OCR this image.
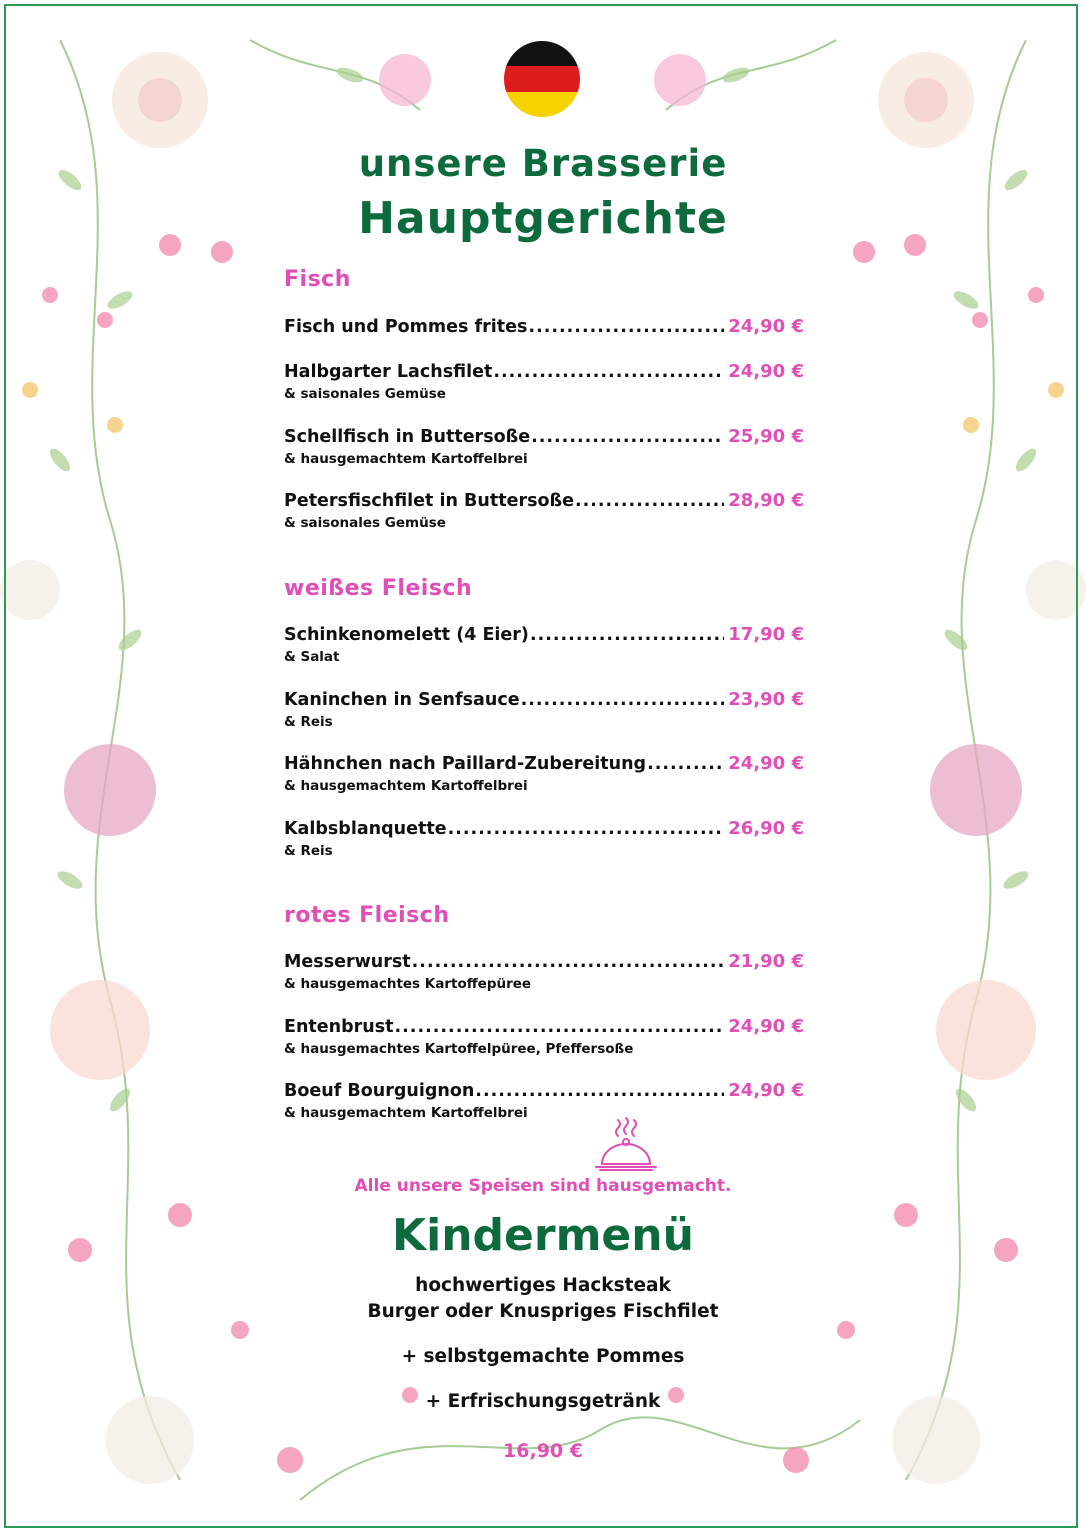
unsere Brasserie
Hauptgerichte
Fisch
Fisch und Pommes frites .....	24,90 €
Halbgarter Lachsfilet .....	24,90 €
& saisonales Gemüse
Schellfisch in Buttersoße .....	25,90 €
& hausgemachtem Kartoffelbrei
Petersfischfilet in Buttersoße .....	28,90 €
& saisonales Gemüse
weißes Fleisch
Schinkenomelett (4 Eier) .....	17,90 €
& Salat
Kaninchen in Senfsauce .....	23,90 €
& Reis
Hähnchen nach Paillard-Zubereitung .....	24,90 €
& hausgemachtem Kartoffelbrei
Kalbsblanquette .....	26,90 €
& Reis
rotes Fleisch
Messerwurst .....	21,90 €
& hausgemachtes Kartoffepüree
Entenbrust .....	24,90 €
& hausgemachtes Kartoffelpüree, Pfeffersoße
Boeuf Bourguignon .....	24,90 €
& hausgemachtem Kartoffelbrei
Alle unsere Speisen sind hausgemacht.
Kindermenü
hochwertiges Hacksteak
Burger oder Knuspriges Fischfilet
+ selbstgemachte Pommes
+ Erfrischungsgetränk
16,90 €
